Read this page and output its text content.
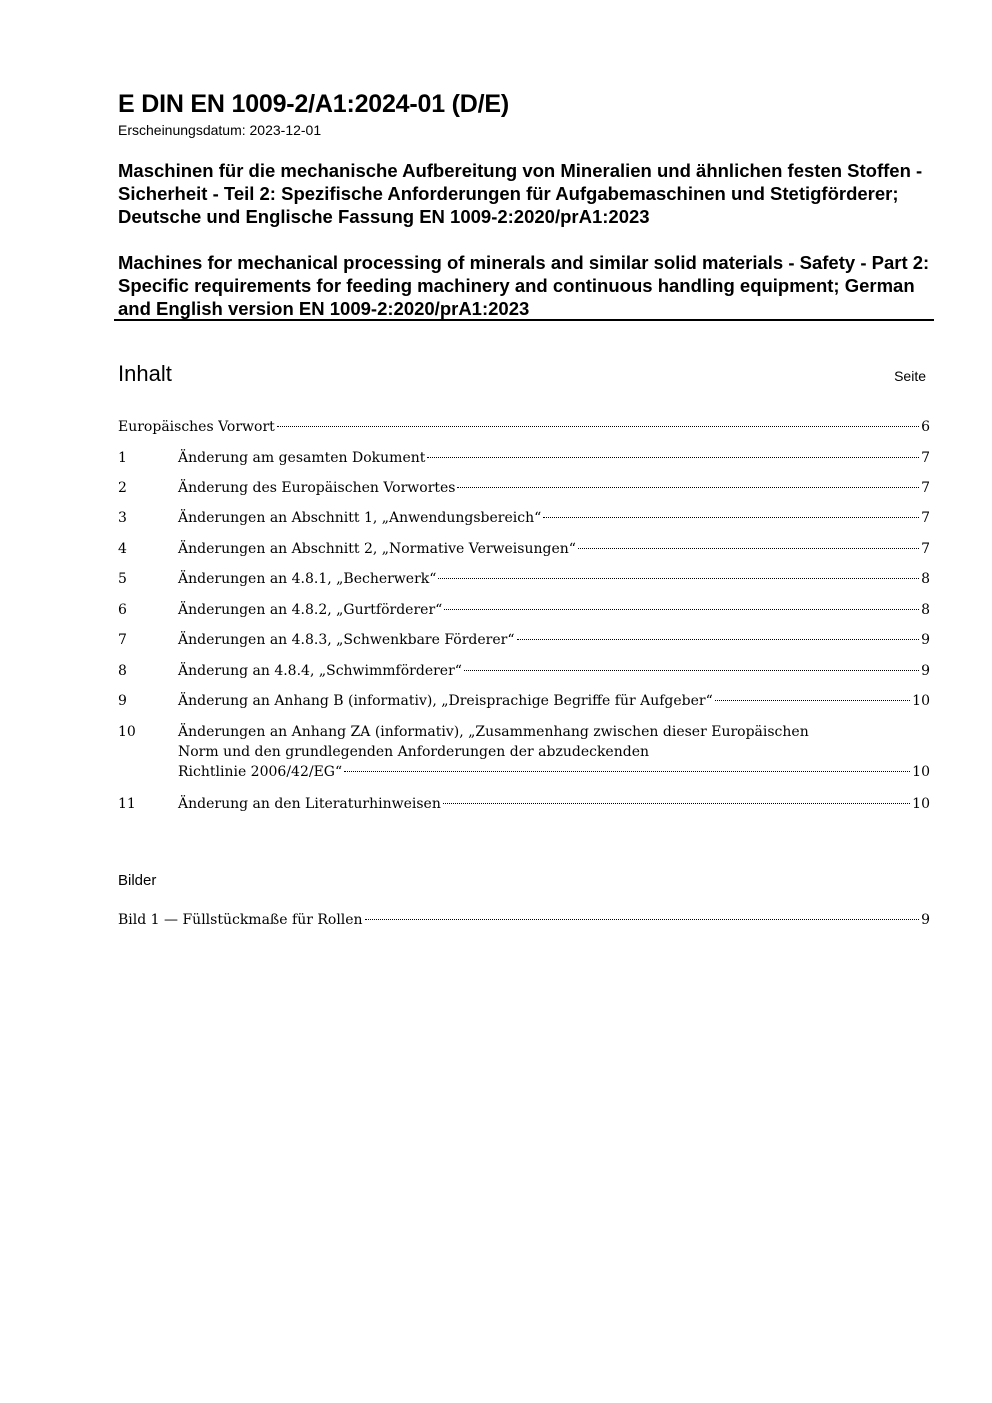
E DIN EN 1009-2/A1:2024-01 (D/E)
Erscheinungsdatum: 2023-12-01
Maschinen für die mechanische Aufbereitung von Mineralien und ähnlichen festen Stoffen - Sicherheit - Teil 2: Spezifische Anforderungen für Aufgabemaschinen und Stetigförderer; Deutsche und Englische Fassung EN 1009-2:2020/prA1:2023
Machines for mechanical processing of minerals and similar solid materials - Safety - Part 2: Specific requirements for feeding machinery and continuous handling equipment; German and English version EN 1009-2:2020/prA1:2023
Inhalt	Seite
Europäisches Vorwort	6
1	Änderung am gesamten Dokument	7
2	Änderung des Europäischen Vorwortes	7
3	Änderungen an Abschnitt 1, „Anwendungsbereich“	7
4	Änderungen an Abschnitt 2, „Normative Verweisungen“	7
5	Änderungen an 4.8.1, „Becherwerk“	8
6	Änderungen an 4.8.2, „Gurtförderer“	8
7	Änderungen an 4.8.3, „Schwenkbare Förderer“	9
8	Änderung an 4.8.4, „Schwimmförderer“	9
9	Änderung an Anhang B (informativ), „Dreisprachige Begriffe für Aufgeber“	10
10	Änderungen an Anhang ZA (informativ), „Zusammenhang zwischen dieser Europäischen
Norm und den grundlegenden Anforderungen der abzudeckenden
Richtlinie 2006/42/EG“	10
11	Änderung an den Literaturhinweisen	10
Bilder
Bild 1 — Füllstückmaße für Rollen	9
